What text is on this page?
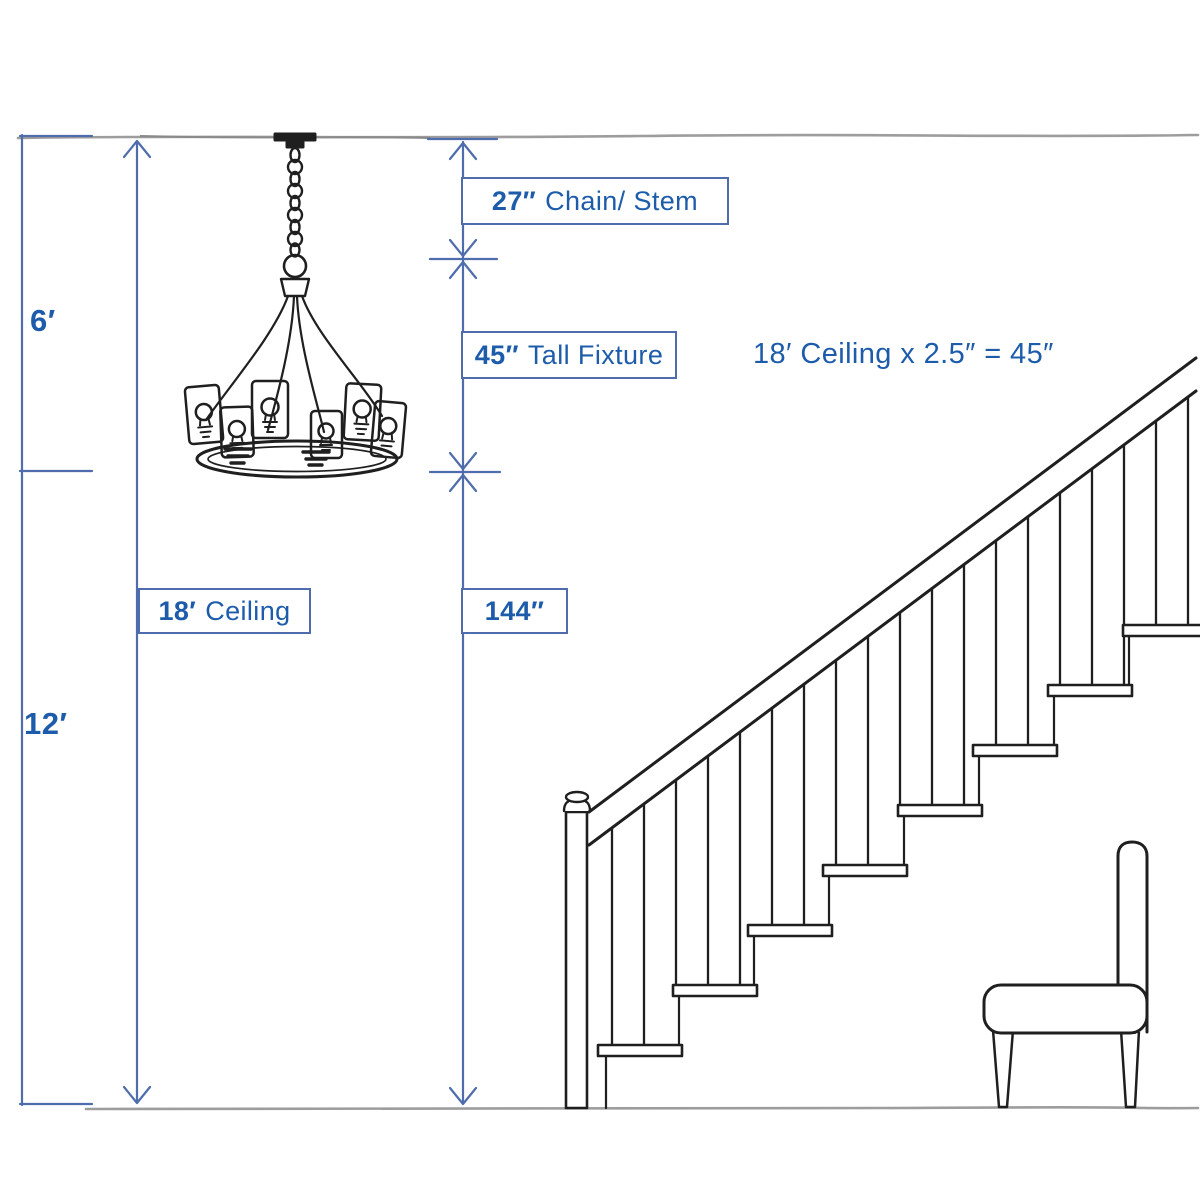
27″ Chain/ Stem
45″ Tall Fixture	18′ Ceiling x 2.5″ = 45″
18′ Ceiling	144″
6′
12′
